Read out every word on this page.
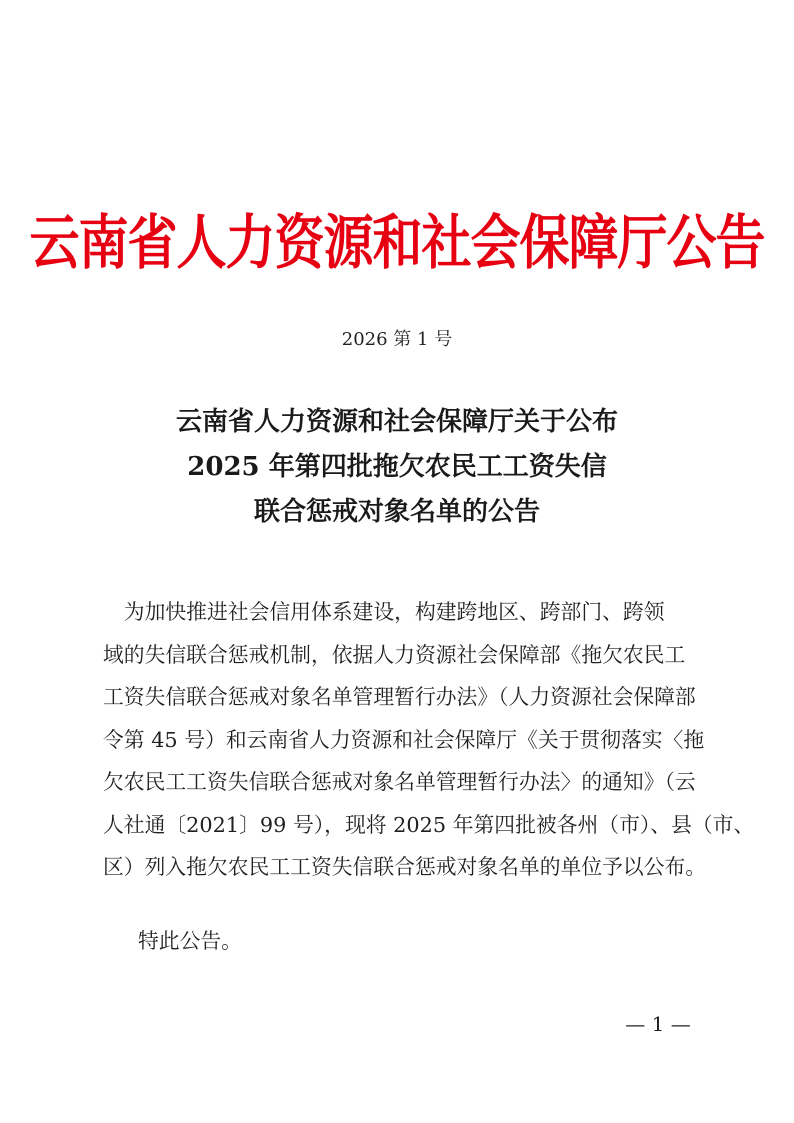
云南省人力资源和社会保障厅公告
2026 第 1 号
云南省人力资源和社会保障厅关于公布
2025 年第四批拖欠农民工工资失信
联合惩戒对象名单的公告
　为加快推进社会信用体系建设，构建跨地区、跨部门、跨领
域的失信联合惩戒机制，依据人力资源社会保障部《拖欠农民工
工资失信联合惩戒对象名单管理暂行办法》（人力资源社会保障部
令第 45 号）和云南省人力资源和社会保障厅《关于贯彻落实〈拖
欠农民工工资失信联合惩戒对象名单管理暂行办法〉的通知》（云
人社通〔2021〕99 号），现将 2025 年第四批被各州（市）、县（市、
区）列入拖欠农民工工资失信联合惩戒对象名单的单位予以公布。
特此公告。
— 1 —
